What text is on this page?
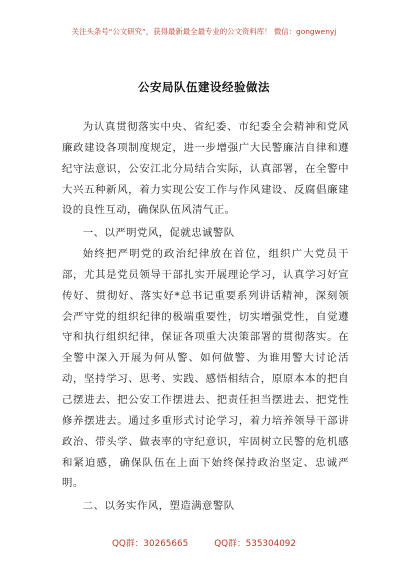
关注头条号“公文研究”，获得最新最全最专业的公文资料库！ 微信：gongwenyj
公安局队伍建设经验做法

为认真贯彻落实中央、省纪委、市纪委全会精神和党风廉政建设各项制度规定，进一步增强广大民警廉洁自律和遵纪守法意识，公安江北分局结合实际，认真部署，在全警中大兴五种新风，着力实现公安工作与作风建设、反腐倡廉建设的良性互动，确保队伍风清气正。

一、以严明党风，促就忠诚警队

始终把严明党的政治纪律放在首位，组织广大党员干部，尤其是党员领导干部扎实开展理论学习，认真学习好宣传好、贯彻好、落实好*总书记重要系列讲话精神，深刻领会严守党的组织纪律的极端重要性，切实增强党性，自觉遵守和执行组织纪律，保证各项重大决策部署的贯彻落实。在全警中深入开展为何从警、如何做警、为谁用警大讨论活动，坚持学习、思考、实践、感悟相结合，原原本本的把自己摆进去、把公安工作摆进去、把责任担当摆进去、把党性修养摆进去。通过多重形式讨论学习，着力培养领导干部讲政治、带头学、做表率的守纪意识，牢固树立民警的危机感和紧迫感，确保队伍在上面下始终保持政治坚定、忠诚严明。

二、以务实作风，塑造满意警队

QQ群：30265665	QQ群：535304092
